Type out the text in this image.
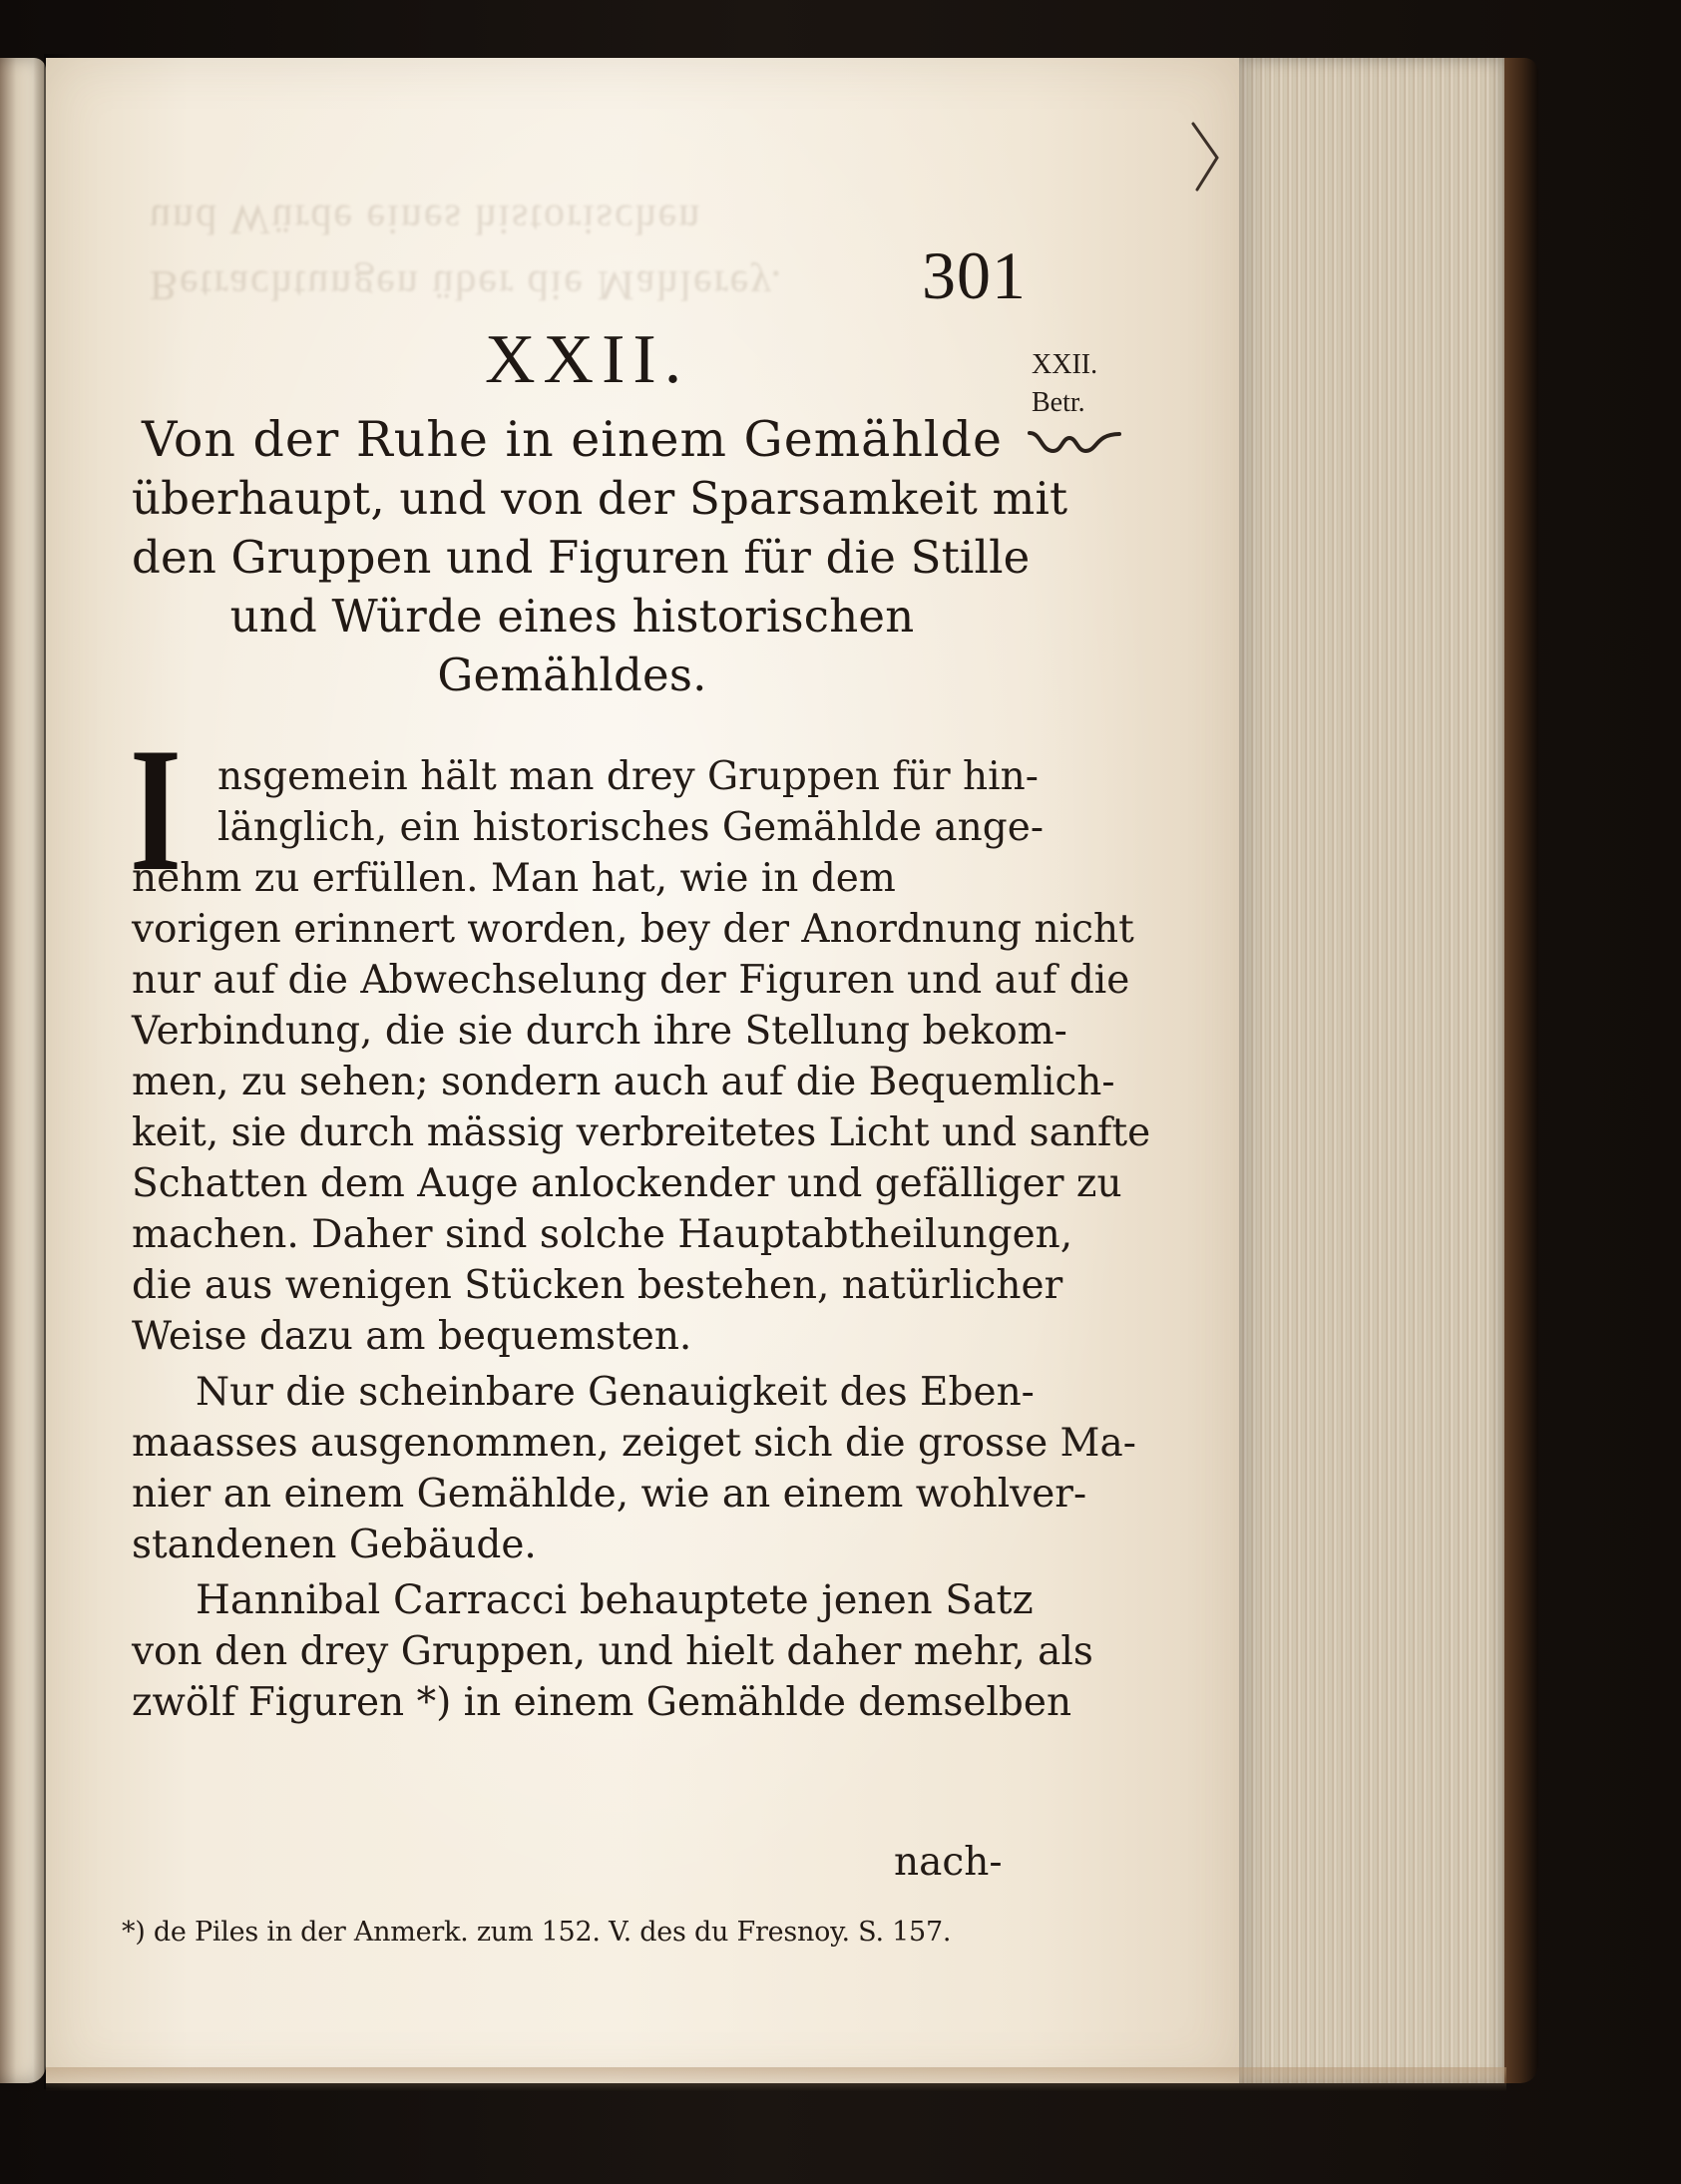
Betrachtungen über die Mahlerey.
und Würde eines historischen
301
XXII.	XXII.
Betr.
Von der Ruhe in einem Gemählde
überhaupt, und von der Sparsamkeit mit
den Gruppen und Figuren für die Stille
und Würde eines historischen
Gemähldes.
I nsgemein hält man drey Gruppen für hin-
länglich, ein historisches Gemählde ange-
nehm zu erfüllen. Man hat, wie in dem
vorigen erinnert worden, bey der Anordnung nicht
nur auf die Abwechselung der Figuren und auf die
Verbindung, die sie durch ihre Stellung bekom-
men, zu sehen; sondern auch auf die Bequemlich-
keit, sie durch mässig verbreitetes Licht und sanfte
Schatten dem Auge anlockender und gefälliger zu
machen. Daher sind solche Hauptabtheilungen,
die aus wenigen Stücken bestehen, natürlicher
Weise dazu am bequemsten.
Nur die scheinbare Genauigkeit des Eben-
maasses ausgenommen, zeiget sich die grosse Ma-
nier an einem Gemählde, wie an einem wohlver-
standenen Gebäude.
Hannibal Carracci behauptete jenen Satz
von den drey Gruppen, und hielt daher mehr, als
zwölf Figuren *) in einem Gemählde demselben
nach-
*) de Piles in der Anmerk. zum 152. V. des du Fresnoy. S. 157.
